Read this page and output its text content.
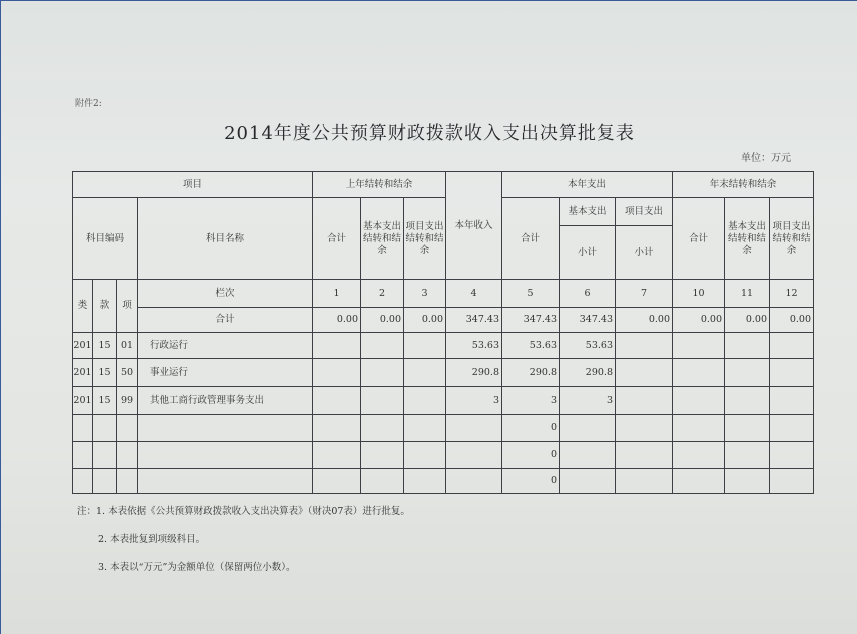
附件2:
2014年度公共预算财政拨款收入支出决算批复表
单位：万元
项目				上年结转和结余			本年收入	本年支出			年末结转和结余		
科目编码			科目名称	合计	基本支出结转和结余	项目支出结转和结余		合计	基本支出	项目支出	合计	基本支出结转和结余	项目支出结转和结余
									小计	小计			
类	款	项	栏次	1	2	3	4	5	6	7	10	11	12
			合计	0.00	0.00	0.00	347.43	347.43	347.43	0.00	0.00	0.00	0.00
201	15	01	行政运行				53.63	53.63	53.63				
201	15	50	事业运行				290.8	290.8	290.8				
201	15	99	其他工商行政管理事务支出				3	3	3				
								0					
								0					
								0					
注：1. 本表依据《公共预算财政拨款收入支出决算表》（财决07表）进行批复。
2. 本表批复到项级科目。
3. 本表以“万元”为金额单位（保留两位小数）。
